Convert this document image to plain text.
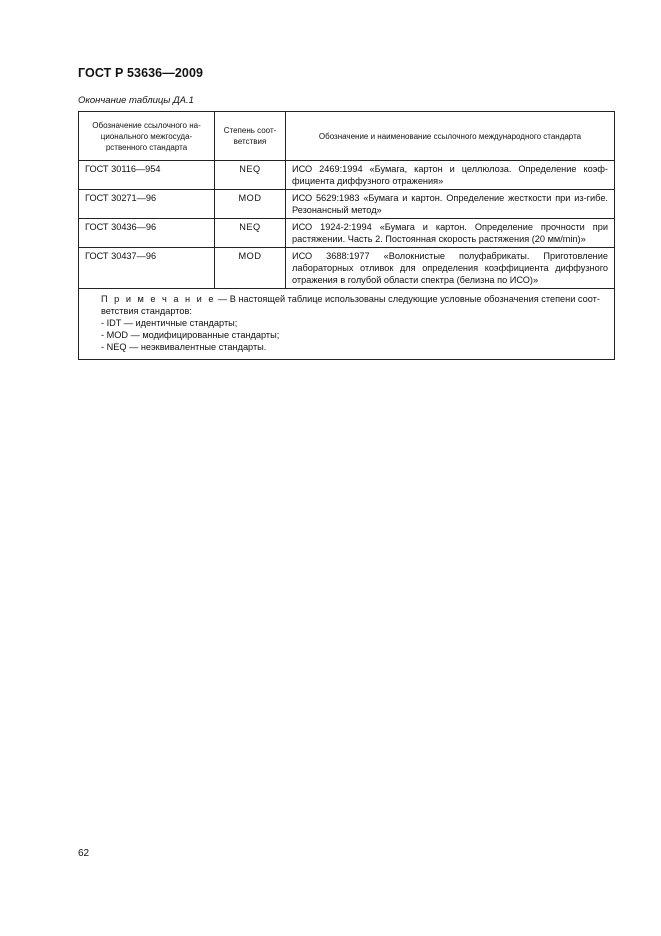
ГОСТ Р 53636—2009
Окончание таблицы ДА.1
Обозначение ссылочного на-ционального межгосуда-рственного стандарта	Степень соот-ветствия	Обозначение и наименование ссылочного международного стандарта
ГОСТ 30116—954	NEQ	ИСО 2469:1994 «Бумага, картон и целлюлоза. Определение коэф-фициента диффузного отражения»
ГОСТ 30271—96	MOD	ИСО 5629:1983 «Бумага и картон. Определение жесткости при из-гибе. Резонансный метод»
ГОСТ 30436—96	NEQ	ИСО 1924-2:1994 «Бумага и картон. Определение прочности при растяжении. Часть 2. Постоянная скорость растяжения (20 мм/min)»
ГОСТ 30437—96	MOD	ИСО 3688:1977 «Волокнистые полуфабрикаты. Приготовление лабораторных отливок для определения коэффициента диффузного отражения в голубой области спектра (белизна по ИСО)»

П р и м е ч а н и е — В настоящей таблице использованы следующие условные обозначения степени соот-ветствия стандартов:
- IDT — идентичные стандарты;
- MOD — модифицированные стандарты;
- NEQ — неэквивалентные стандарты.		
62
